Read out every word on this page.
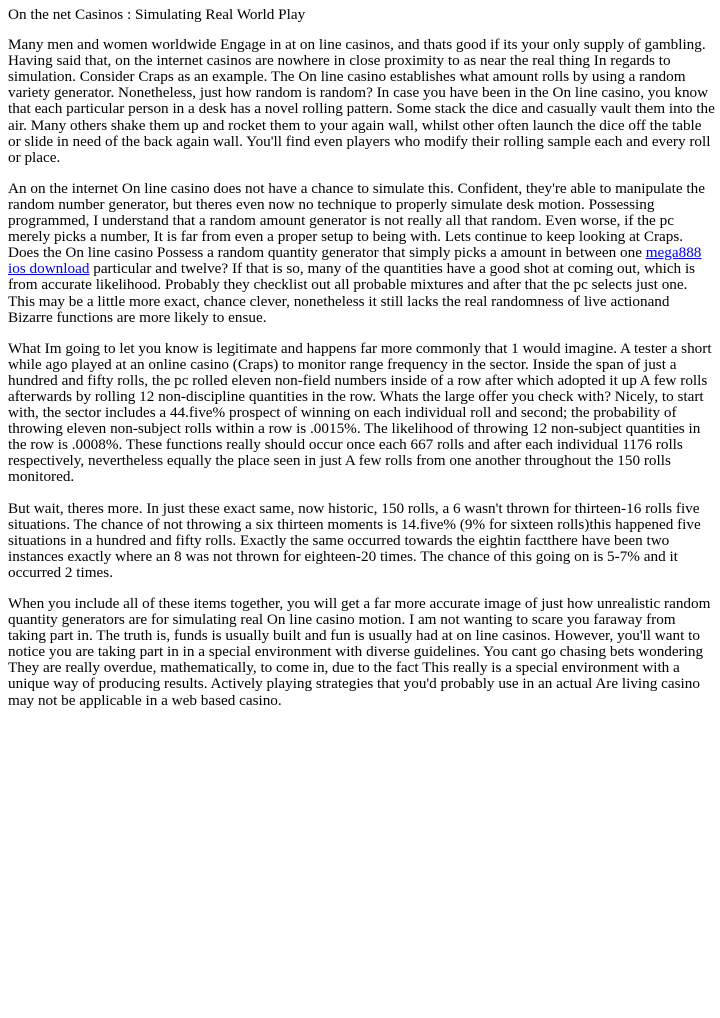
On the net Casinos : Simulating Real World Play

Many men and women worldwide Engage in at on line casinos, and thats good if its your only supply of gambling. Having said that, on the internet casinos are nowhere in close proximity to as near the real thing In regards to simulation. Consider Craps as an example. The On line casino establishes what amount rolls by using a random variety generator. Nonetheless, just how random is random? In case you have been in the On line casino, you know that each particular person in a desk has a novel rolling pattern. Some stack the dice and casually vault them into the air. Many others shake them up and rocket them to your again wall, whilst other often launch the dice off the table or slide in need of the back again wall. You'll find even players who modify their rolling sample each and every roll or place.

An on the internet On line casino does not have a chance to simulate this. Confident, they're able to manipulate the random number generator, but theres even now no technique to properly simulate desk motion. Possessing programmed, I understand that a random amount generator is not really all that random. Even worse, if the pc merely picks a number, It is far from even a proper setup to being with. Lets continue to keep looking at Craps. Does the On line casino Possess a random quantity generator that simply picks a amount in between one mega888 ios download particular and twelve? If that is so, many of the quantities have a good shot at coming out, which is from accurate likelihood. Probably they checklist out all probable mixtures and after that the pc selects just one. This may be a little more exact, chance clever, nonetheless it still lacks the real randomness of live actionand Bizarre functions are more likely to ensue.

What Im going to let you know is legitimate and happens far more commonly that 1 would imagine. A tester a short while ago played at an online casino (Craps) to monitor range frequency in the sector. Inside the span of just a hundred and fifty rolls, the pc rolled eleven non-field numbers inside of a row after which adopted it up A few rolls afterwards by rolling 12 non-discipline quantities in the row. Whats the large offer you check with? Nicely, to start with, the sector includes a 44.five% prospect of winning on each individual roll and second; the probability of throwing eleven non-subject rolls within a row is .0015%. The likelihood of throwing 12 non-subject quantities in the row is .0008%. These functions really should occur once each 667 rolls and after each individual 1176 rolls respectively, nevertheless equally the place seen in just A few rolls from one another throughout the 150 rolls monitored.

But wait, theres more. In just these exact same, now historic, 150 rolls, a 6 wasn't thrown for thirteen-16 rolls five situations. The chance of not throwing a six thirteen moments is 14.five% (9% for sixteen rolls)this happened five situations in a hundred and fifty rolls. Exactly the same occurred towards the eightin factthere have been two instances exactly where an 8 was not thrown for eighteen-20 times. The chance of this going on is 5-7% and it occurred 2 times.

When you include all of these items together, you will get a far more accurate image of just how unrealistic random quantity generators are for simulating real On line casino motion. I am not wanting to scare you faraway from taking part in. The truth is, funds is usually built and fun is usually had at on line casinos. However, you'll want to notice you are taking part in in a special environment with diverse guidelines. You cant go chasing bets wondering They are really overdue, mathematically, to come in, due to the fact This really is a special environment with a unique way of producing results. Actively playing strategies that you'd probably use in an actual Are living casino may not be applicable in a web based casino.
